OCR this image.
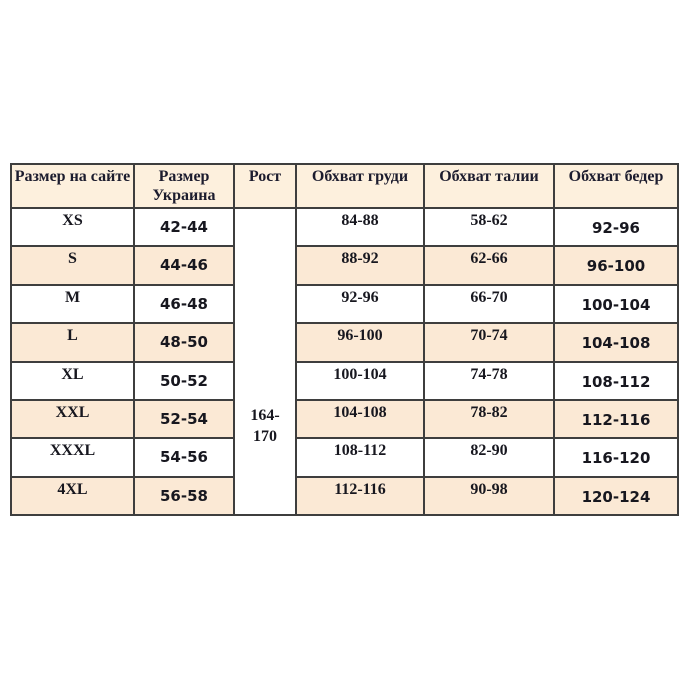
Размер на сайте	Размер Украина	Рост	Обхват груди	Обхват талии	Обхват бедер
XS	42-44	164-170	84-88	58-62	92-96
S	44-46		88-92	62-66	96-100
M	46-48		92-96	66-70	100-104
L	48-50		96-100	70-74	104-108
XL	50-52		100-104	74-78	108-112
XXL	52-54		104-108	78-82	112-116
XXXL	54-56		108-112	82-90	116-120
4XL	56-58		112-116	90-98	120-124
